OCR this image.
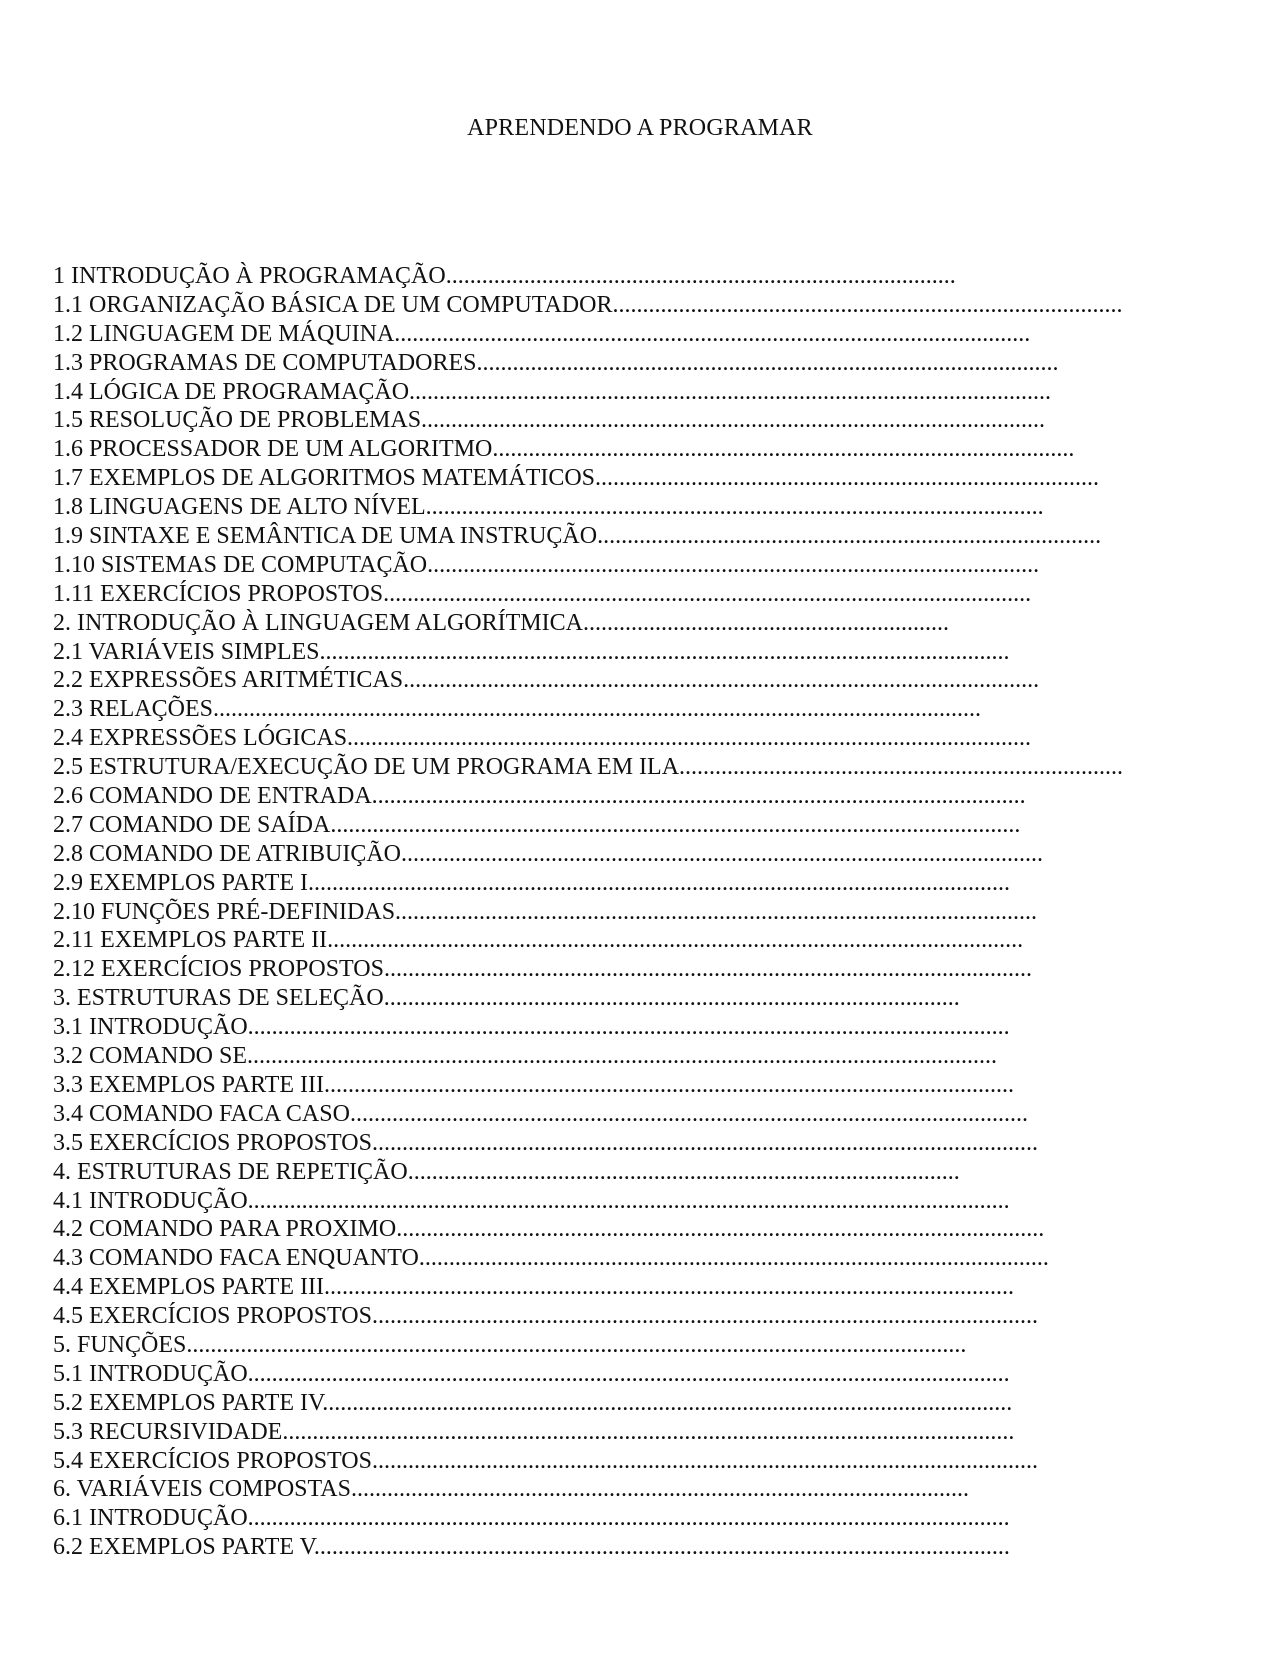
APRENDENDO A PROGRAMAR
1 INTRODUÇÃO À PROGRAMAÇÃO.....................................................................................
1.1 ORGANIZAÇÃO BÁSICA DE UM COMPUTADOR.....................................................................................
1.2 LINGUAGEM DE MÁQUINA..........................................................................................................
1.3 PROGRAMAS DE COMPUTADORES.................................................................................................
1.4 LÓGICA DE PROGRAMAÇÃO...........................................................................................................
1.5 RESOLUÇÃO DE PROBLEMAS........................................................................................................
1.6 PROCESSADOR DE UM ALGORITMO.................................................................................................
1.7 EXEMPLOS DE ALGORITMOS MATEMÁTICOS....................................................................................
1.8 LINGUAGENS DE ALTO NÍVEL.......................................................................................................
1.9 SINTAXE E SEMÂNTICA DE UMA INSTRUÇÃO....................................................................................
1.10 SISTEMAS DE COMPUTAÇÃO......................................................................................................
1.11 EXERCÍCIOS PROPOSTOS............................................................................................................
2. INTRODUÇÃO À LINGUAGEM ALGORÍTMICA.............................................................
2.1 VARIÁVEIS SIMPLES...................................................................................................................
2.2 EXPRESSÕES ARITMÉTICAS..........................................................................................................
2.3 RELAÇÕES................................................................................................................................
2.4 EXPRESSÕES LÓGICAS..................................................................................................................
2.5 ESTRUTURA/EXECUÇÃO DE UM PROGRAMA EM ILA..........................................................................
2.6 COMANDO DE ENTRADA.............................................................................................................
2.7 COMANDO DE SAÍDA...................................................................................................................
2.8 COMANDO DE ATRIBUIÇÃO...........................................................................................................
2.9 EXEMPLOS PARTE I.....................................................................................................................
2.10 FUNÇÕES PRÉ-DEFINIDAS...........................................................................................................
2.11 EXEMPLOS PARTE II....................................................................................................................
2.12 EXERCÍCIOS PROPOSTOS............................................................................................................
3. ESTRUTURAS DE SELEÇÃO................................................................................................
3.1 INTRODUÇÃO...............................................................................................................................
3.2 COMANDO SE.............................................................................................................................
3.3 EXEMPLOS PARTE III...................................................................................................................
3.4 COMANDO FACA CASO.................................................................................................................
3.5 EXERCÍCIOS PROPOSTOS...............................................................................................................
4. ESTRUTURAS DE REPETIÇÃO............................................................................................
4.1 INTRODUÇÃO...............................................................................................................................
4.2 COMANDO PARA PROXIMO............................................................................................................
4.3 COMANDO FACA ENQUANTO.........................................................................................................
4.4 EXEMPLOS PARTE III...................................................................................................................
4.5 EXERCÍCIOS PROPOSTOS...............................................................................................................
5. FUNÇÕES..................................................................................................................................
5.1 INTRODUÇÃO...............................................................................................................................
5.2 EXEMPLOS PARTE IV...................................................................................................................
5.3 RECURSIVIDADE..........................................................................................................................
5.4 EXERCÍCIOS PROPOSTOS...............................................................................................................
6. VARIÁVEIS COMPOSTAS.......................................................................................................
6.1 INTRODUÇÃO...............................................................................................................................
6.2 EXEMPLOS PARTE V....................................................................................................................
